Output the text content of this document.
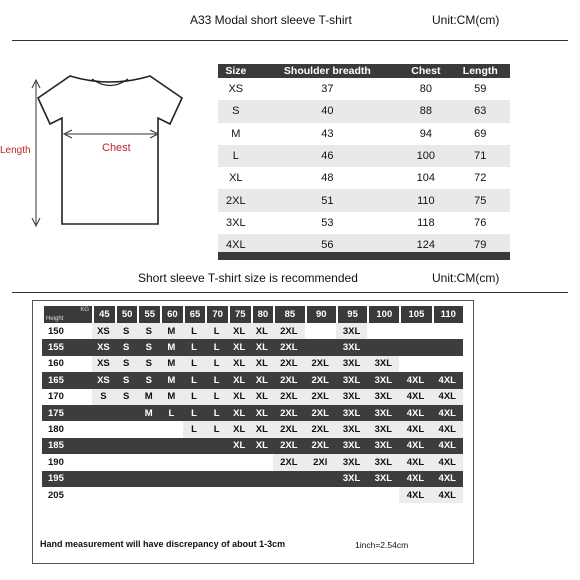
A33 Modal short sleeve T-shirt	Unit:CM(cm)
Length	Chest
Size	Shoulder breadth	Chest	Length
XS	37	80	59
S	40	88	63
M	43	94	69
L	46	100	71
XL	48	104	72
2XL	51	110	75
3XL	53	118	76
4XL	56	124	79
Short sleeve T-shirt size is recommended	Unit:CM(cm)
KG
Height	45	50	55	60	65	70	75	80	85	90	95	100	105	110
150	XS	S	S	M	L	L	XL	XL	2XL		3XL			
155	XS	S	S	M	L	L	XL	XL	2XL		3XL			
160	XS	S	S	M	L	L	XL	XL	2XL	2XL	3XL	3XL		
165	XS	S	S	M	L	L	XL	XL	2XL	2XL	3XL	3XL	4XL	4XL
170	S	S	M	M	L	L	XL	XL	2XL	2XL	3XL	3XL	4XL	4XL
175			M	L	L	L	XL	XL	2XL	2XL	3XL	3XL	4XL	4XL
180					L	L	XL	XL	2XL	2XL	3XL	3XL	4XL	4XL
185							XL	XL	2XL	2XL	3XL	3XL	4XL	4XL
190									2XL	2Xl	3XL	3XL	4XL	4XL
195											3XL	3XL	4XL	4XL
205													4XL	4XL
Hand measurement will have discrepancy of about 1-3cm	1inch=2.54cm
